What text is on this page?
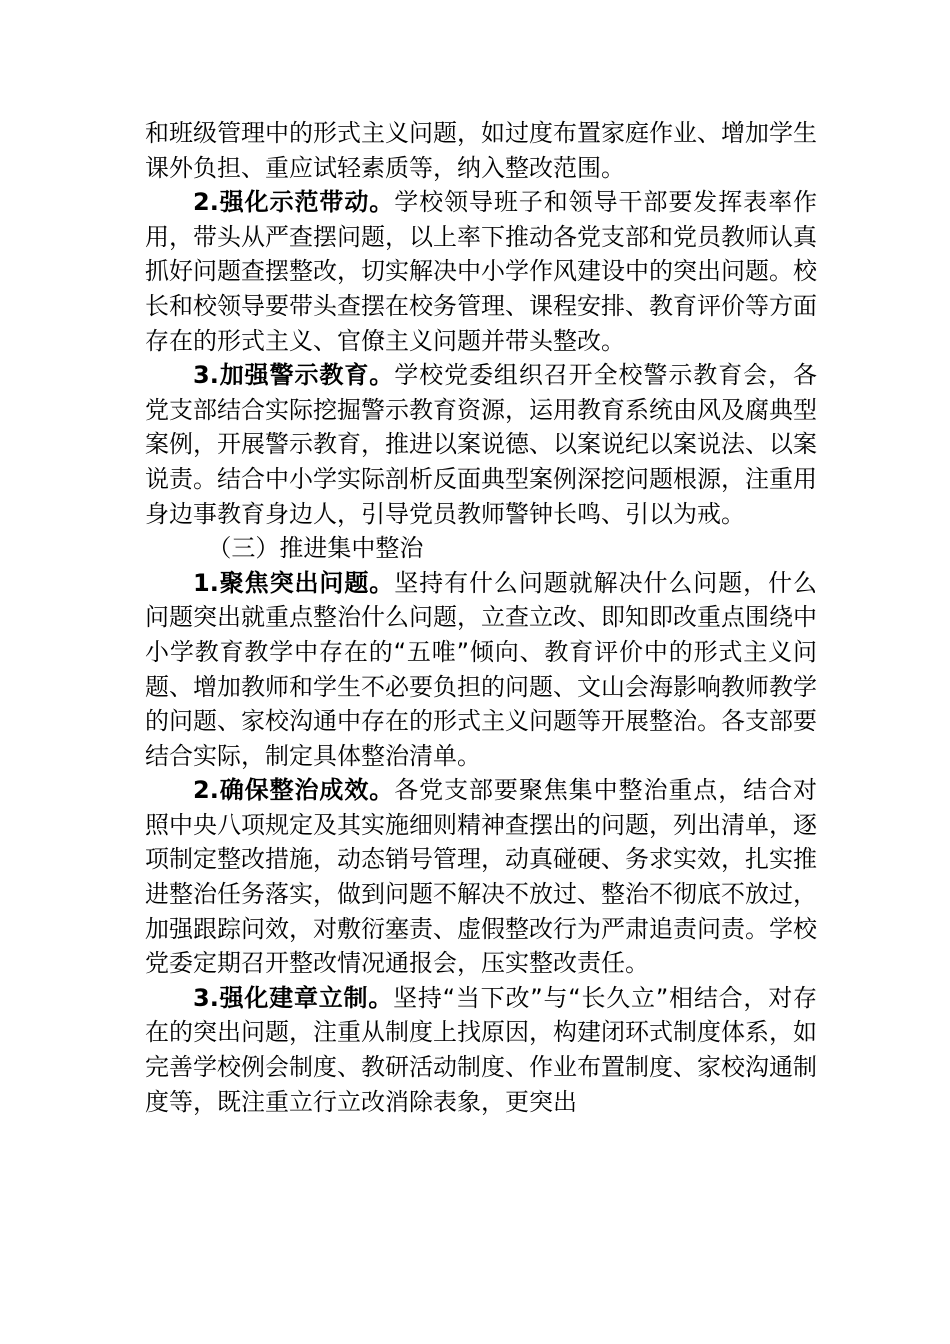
和班级管理中的形式主义问题，如过度布置家庭作业、增加学生课外负担、重应试轻素质等，纳入整改范围。

2.强化示范带动。学校领导班子和领导干部要发挥表率作用，带头从严查摆问题，以上率下推动各党支部和党员教师认真抓好问题查摆整改，切实解决中小学作风建设中的突出问题。校长和校领导要带头查摆在校务管理、课程安排、教育评价等方面存在的形式主义、官僚主义问题并带头整改。

3.加强警示教育。学校党委组织召开全校警示教育会，各党支部结合实际挖掘警示教育资源，运用教育系统由风及腐典型案例，开展警示教育，推进以案说德、以案说纪以案说法、以案说责。结合中小学实际剖析反面典型案例深挖问题根源，注重用身边事教育身边人，引导党员教师警钟长鸣、引以为戒。

（三）推进集中整治

1.聚焦突出问题。坚持有什么问题就解决什么问题，什么问题突出就重点整治什么问题，立查立改、即知即改重点围绕中小学教育教学中存在的“五唯”倾向、教育评价中的形式主义问题、增加教师和学生不必要负担的问题、文山会海影响教师教学的问题、家校沟通中存在的形式主义问题等开展整治。各支部要结合实际，制定具体整治清单。

2.确保整治成效。各党支部要聚焦集中整治重点，结合对照中央八项规定及其实施细则精神查摆出的问题，列出清单，逐项制定整改措施，动态销号管理，动真碰硬、务求实效，扎实推进整治任务落实，做到问题不解决不放过、整治不彻底不放过，加强跟踪问效，对敷衍塞责、虚假整改行为严肃追责问责。学校党委定期召开整改情况通报会，压实整改责任。

3.强化建章立制。坚持“当下改”与“长久立”相结合，对存在的突出问题，注重从制度上找原因，构建闭环式制度体系，如完善学校例会制度、教研活动制度、作业布置制度、家校沟通制度等，既注重立行立改消除表象，更突出
